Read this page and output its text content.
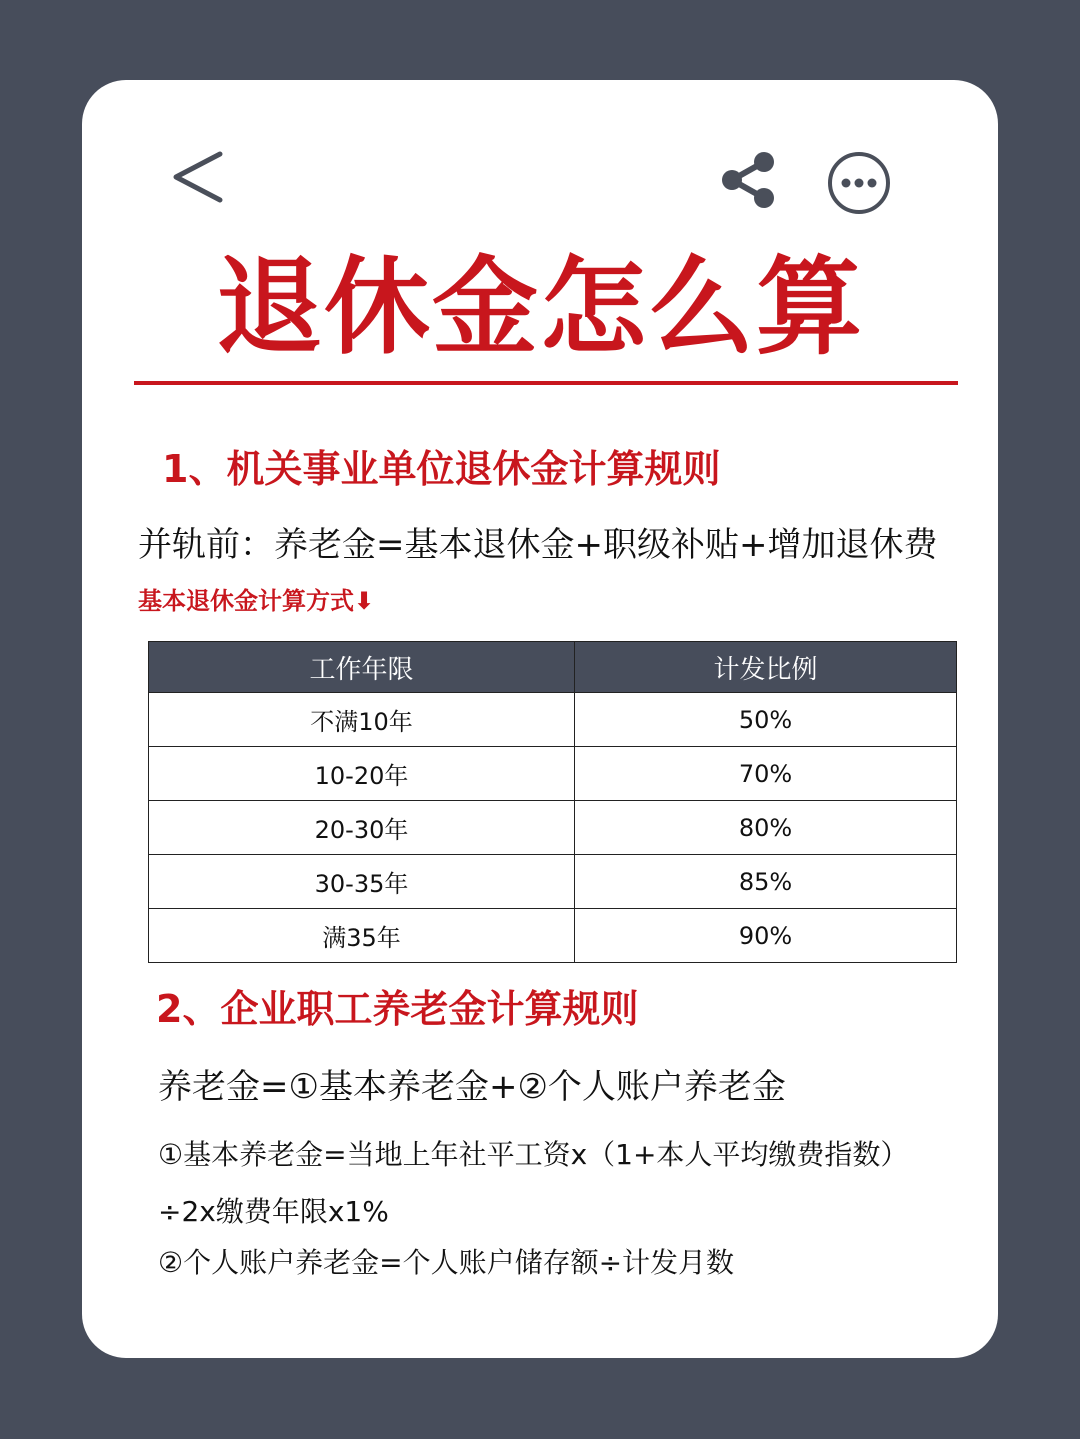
退休金怎么算
1、机关事业单位退休金计算规则
并轨前：养老金=基本退休金+职级补贴+增加退休费
基本退休金计算方式⬇
工作年限	计发比例
不满10年	50%
10-20年	70%
20-30年	80%
30-35年	85%
满35年	90%
2、企业职工养老金计算规则
养老金=①基本养老金+②个人账户养老金
①基本养老金=当地上年社平工资x（1+本人平均缴费指数）÷2x缴费年限x1%
②个人账户养老金=个人账户储存额÷计发月数
